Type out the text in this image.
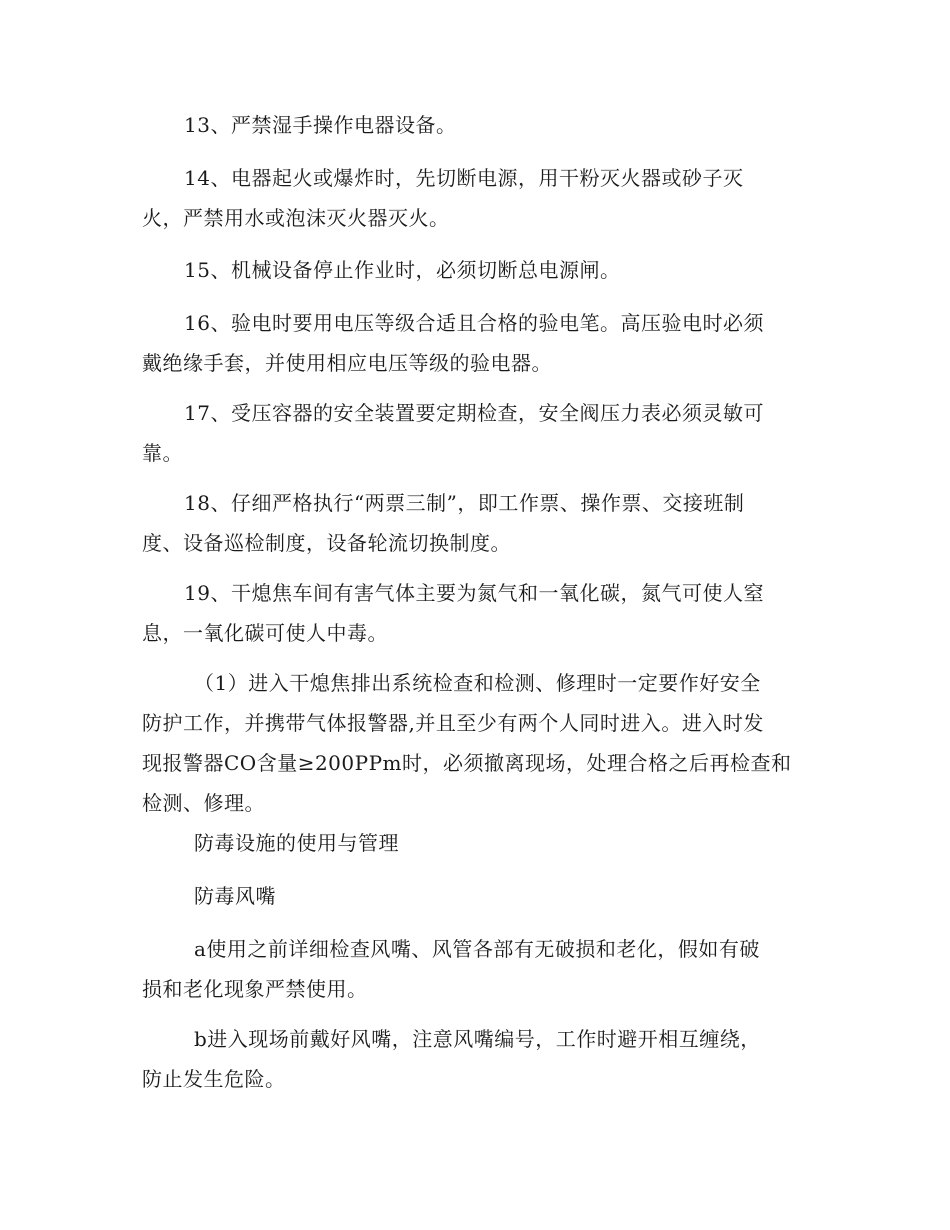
13、严禁湿手操作电器设备。
14、电器起火或爆炸时，先切断电源，用干粉灭火器或砂子灭
火，严禁用水或泡沫灭火器灭火。
15、机械设备停止作业时，必须切断总电源闸。
16、验电时要用电压等级合适且合格的验电笔。高压验电时必须
戴绝缘手套，并使用相应电压等级的验电器。
17、受压容器的安全装置要定期检查，安全阀压力表必须灵敏可
靠。
18、仔细严格执行“两票三制”，即工作票、操作票、交接班制
度、设备巡检制度，设备轮流切换制度。
19、干熄焦车间有害气体主要为氮气和一氧化碳，氮气可使人窒
息，一氧化碳可使人中毒。
（1）进入干熄焦排出系统检查和检测、修理时一定要作好安全
防护工作，并携带气体报警器,并且至少有两个人同时进入。进入时发
现报警器CO含量≥200PPm时，必须撤离现场，处理合格之后再检查和
检测、修理。
防毒设施的使用与管理
防毒风嘴
a使用之前详细检查风嘴、风管各部有无破损和老化，假如有破
损和老化现象严禁使用。
b进入现场前戴好风嘴，注意风嘴编号，工作时避开相互缠绕，
防止发生危险。
